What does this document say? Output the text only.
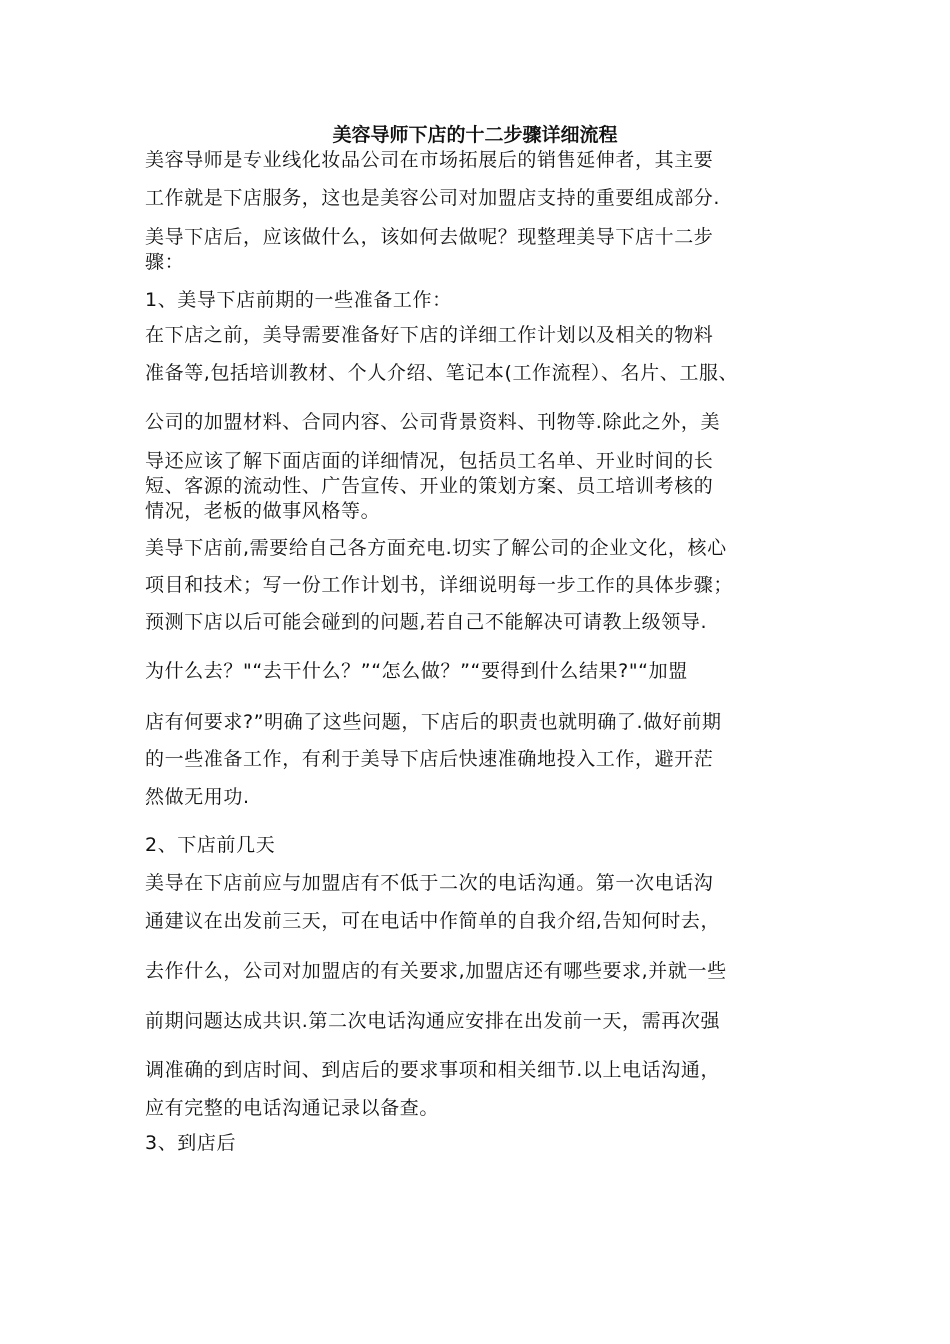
美容导师下店的十二步骤详细流程

美容导师是专业线化妆品公司在市场拓展后的销售延伸者，其主要

工作就是下店服务，这也是美容公司对加盟店支持的重要组成部分.

美导下店后，应该做什么，该如何去做呢？现整理美导下店十二步

骤：

1、美导下店前期的一些准备工作：

在下店之前，美导需要准备好下店的详细工作计划以及相关的物料

准备等,包括培训教材、个人介绍、笔记本(工作流程）、名片、工服、

公司的加盟材料、合同内容、公司背景资料、刊物等.除此之外，美

导还应该了解下面店面的详细情况，包括员工名单、开业时间的长

短、客源的流动性、广告宣传、开业的策划方案、员工培训考核的

情况，老板的做事风格等。

美导下店前,需要给自己各方面充电.切实了解公司的企业文化，核心

项目和技术；写一份工作计划书，详细说明每一步工作的具体步骤；

预测下店以后可能会碰到的问题,若自己不能解决可请教上级领导.

为什么去？"“去干什么？”“怎么做？”“要得到什么结果?"“加盟

店有何要求?”明确了这些问题，下店后的职责也就明确了.做好前期

的一些准备工作，有利于美导下店后快速准确地投入工作，避开茫

然做无用功.

2、下店前几天

美导在下店前应与加盟店有不低于二次的电话沟通。第一次电话沟

通建议在出发前三天，可在电话中作简单的自我介绍,告知何时去，

去作什么，公司对加盟店的有关要求,加盟店还有哪些要求,并就一些

前期问题达成共识.第二次电话沟通应安排在出发前一天，需再次强

调准确的到店时间、到店后的要求事项和相关细节.以上电话沟通，

应有完整的电话沟通记录以备查。

3、到店后
